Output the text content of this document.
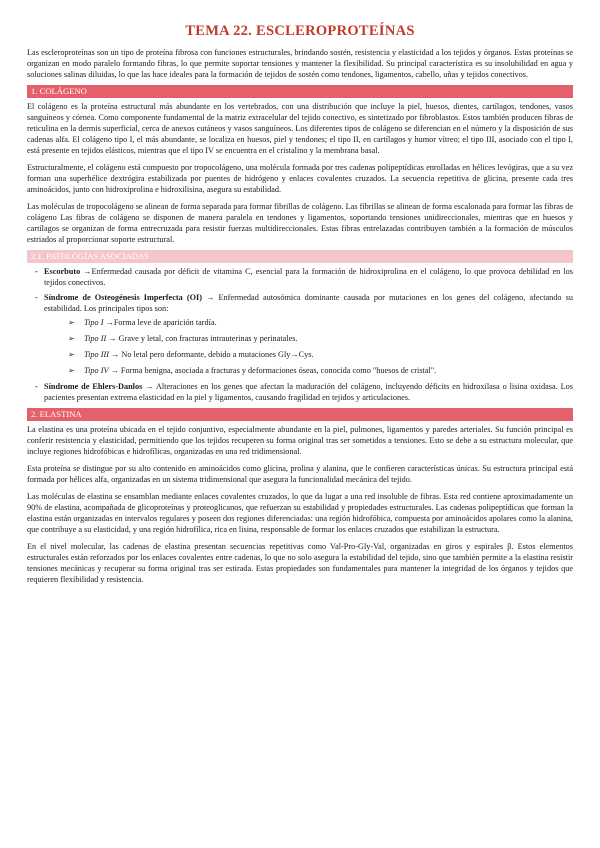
TEMA 22. ESCLEROPROTEÍNAS

Las escleroproteínas son un tipo de proteína fibrosa con funciones estructurales, brindando sostén, resistencia y elasticidad a los tejidos y órganos. Estas proteínas se organizan en modo paralelo formando fibras, lo que permite soportar tensiones y mantener la flexibilidad. Su principal característica es su insolubilidad en agua y soluciones salinas diluidas, lo que las hace ideales para la formación de tejidos de sostén como tendones, ligamentos, cabello, uñas y tejidos conectivos.

1. COLÁGENO

El colágeno es la proteína estructural más abundante en los vertebrados, con una distribución que incluye la piel, huesos, dientes, cartílagos, tendones, vasos sanguíneos y córnea. Como componente fundamental de la matriz extracelular del tejido conectivo, es sintetizado por fibroblastos. Estos también producen fibras de reticulina en la dermis superficial, cerca de anexos cutáneos y vasos sanguíneos. Los diferentes tipos de colágeno se diferencian en el número y la disposición de sus cadenas alfa. El colágeno tipo I, el más abundante, se localiza en huesos, piel y tendones; el tipo II, en cartílagos y humor vítreo; el tipo III, asociado con el tipo I, está presente en tejidos elásticos, mientras que el tipo IV se encuentra en el cristalino y la membrana basal.

Estructuralmente, el colágeno está compuesto por tropocolágeno, una molécula formada por tres cadenas polipeptídicas enrolladas en hélices levógiras, que a su vez forman una superhélice dextrógira estabilizada por puentes de hidrógeno y enlaces covalentes cruzados. La secuencia repetitiva de glicina, presente cada tres aminoácidos, junto con hidroxiprolina e hidroxilisina, asegura su estabilidad.

Las moléculas de tropocolágeno se alinean de forma separada para formar fibrillas de colágeno. Las fibrillas se alinean de forma escalonada para formar las fibras de colágeno Las fibras de colágeno se disponen de manera paralela en tendones y ligamentos, soportando tensiones unidireccionales, mientras que en huesos y cartílagos se organizan de forma entrecruzada para resistir fuerzas multidireccionales. Estas fibras entrelazadas contribuyen también a la formación de músculos estriados al proporcionar soporte estructural.

2.1. PATOLOGÍAS ASOCIADAS
- Escorbuto →Enfermedad causada por déficit de vitamina C, esencial para la formación de hidroxiprolina en el colágeno, lo que provoca debilidad en los tejidos conectivos.
- Síndrome de Osteogénesis Imperfecta (OI) → Enfermedad autosómica dominante causada por mutaciones en los genes del colágeno, afectando su estabilidad. Los principales tipos son:
➢ Tipo I →Forma leve de aparición tardía.
➢ Tipo II → Grave y letal, con fracturas intrauterinas y perinatales.
➢ Tipo III → No letal pero deformante, debido a mutaciones Gly→Cys.
➢ Tipo IV → Forma benigna, asociada a fracturas y deformaciones óseas, conocida como "huesos de cristal".
- Síndrome de Ehlers-Danlos → Alteraciones en los genes que afectan la maduración del colágeno, incluyendo déficits en hidroxilasa o lisina oxidasa. Los pacientes presentan extrema elasticidad en la piel y ligamentos, causando fragilidad en tejidos y articulaciones.
2. ELASTINA

La elastina es una proteína ubicada en el tejido conjuntivo, especialmente abundante en la piel, pulmones, ligamentos y paredes arteriales. Su función principal es conferir resistencia y elasticidad, permitiendo que los tejidos recuperen su forma original tras ser sometidos a tensiones. Esto se debe a su estructura molecular, que incluye regiones hidrofóbicas e hidrofílicas, organizadas en una red tridimensional.

Esta proteína se distingue por su alto contenido en aminoácidos como glicina, prolina y alanina, que le confieren características únicas. Su estructura principal está formada por hélices alfa, organizadas en un sistema tridimensional que asegura la funcionalidad mecánica del tejido.

Las moléculas de elastina se ensamblan mediante enlaces covalentes cruzados, lo que da lugar a una red insoluble de fibras. Esta red contiene aproximadamente un 90% de elastina, acompañada de glicoproteínas y proteoglicanos, que refuerzan su estabilidad y propiedades estructurales. Las cadenas polipeptídicas que forman la elastina están organizadas en intervalos regulares y poseen dos regiones diferenciadas: una región hidrofóbica, compuesta por aminoácidos apolares como la alanina, que contribuye a su elasticidad, y una región hidrofílica, rica en lisina, responsable de formar los enlaces cruzados que estabilizan la estructura.

En el nivel molecular, las cadenas de elastina presentan secuencias repetitivas como Val-Pro-Gly-Val, organizadas en giros y espirales β. Estos elementos estructurales están reforzados por los enlaces covalentes entre cadenas, lo que no solo asegura la estabilidad del tejido, sino que también permite a la elastina resistir tensiones mecánicas y recuperar su forma original tras ser estirada. Estas propiedades son fundamentales para mantener la integridad de los órganos y tejidos que requieren flexibilidad y resistencia.
